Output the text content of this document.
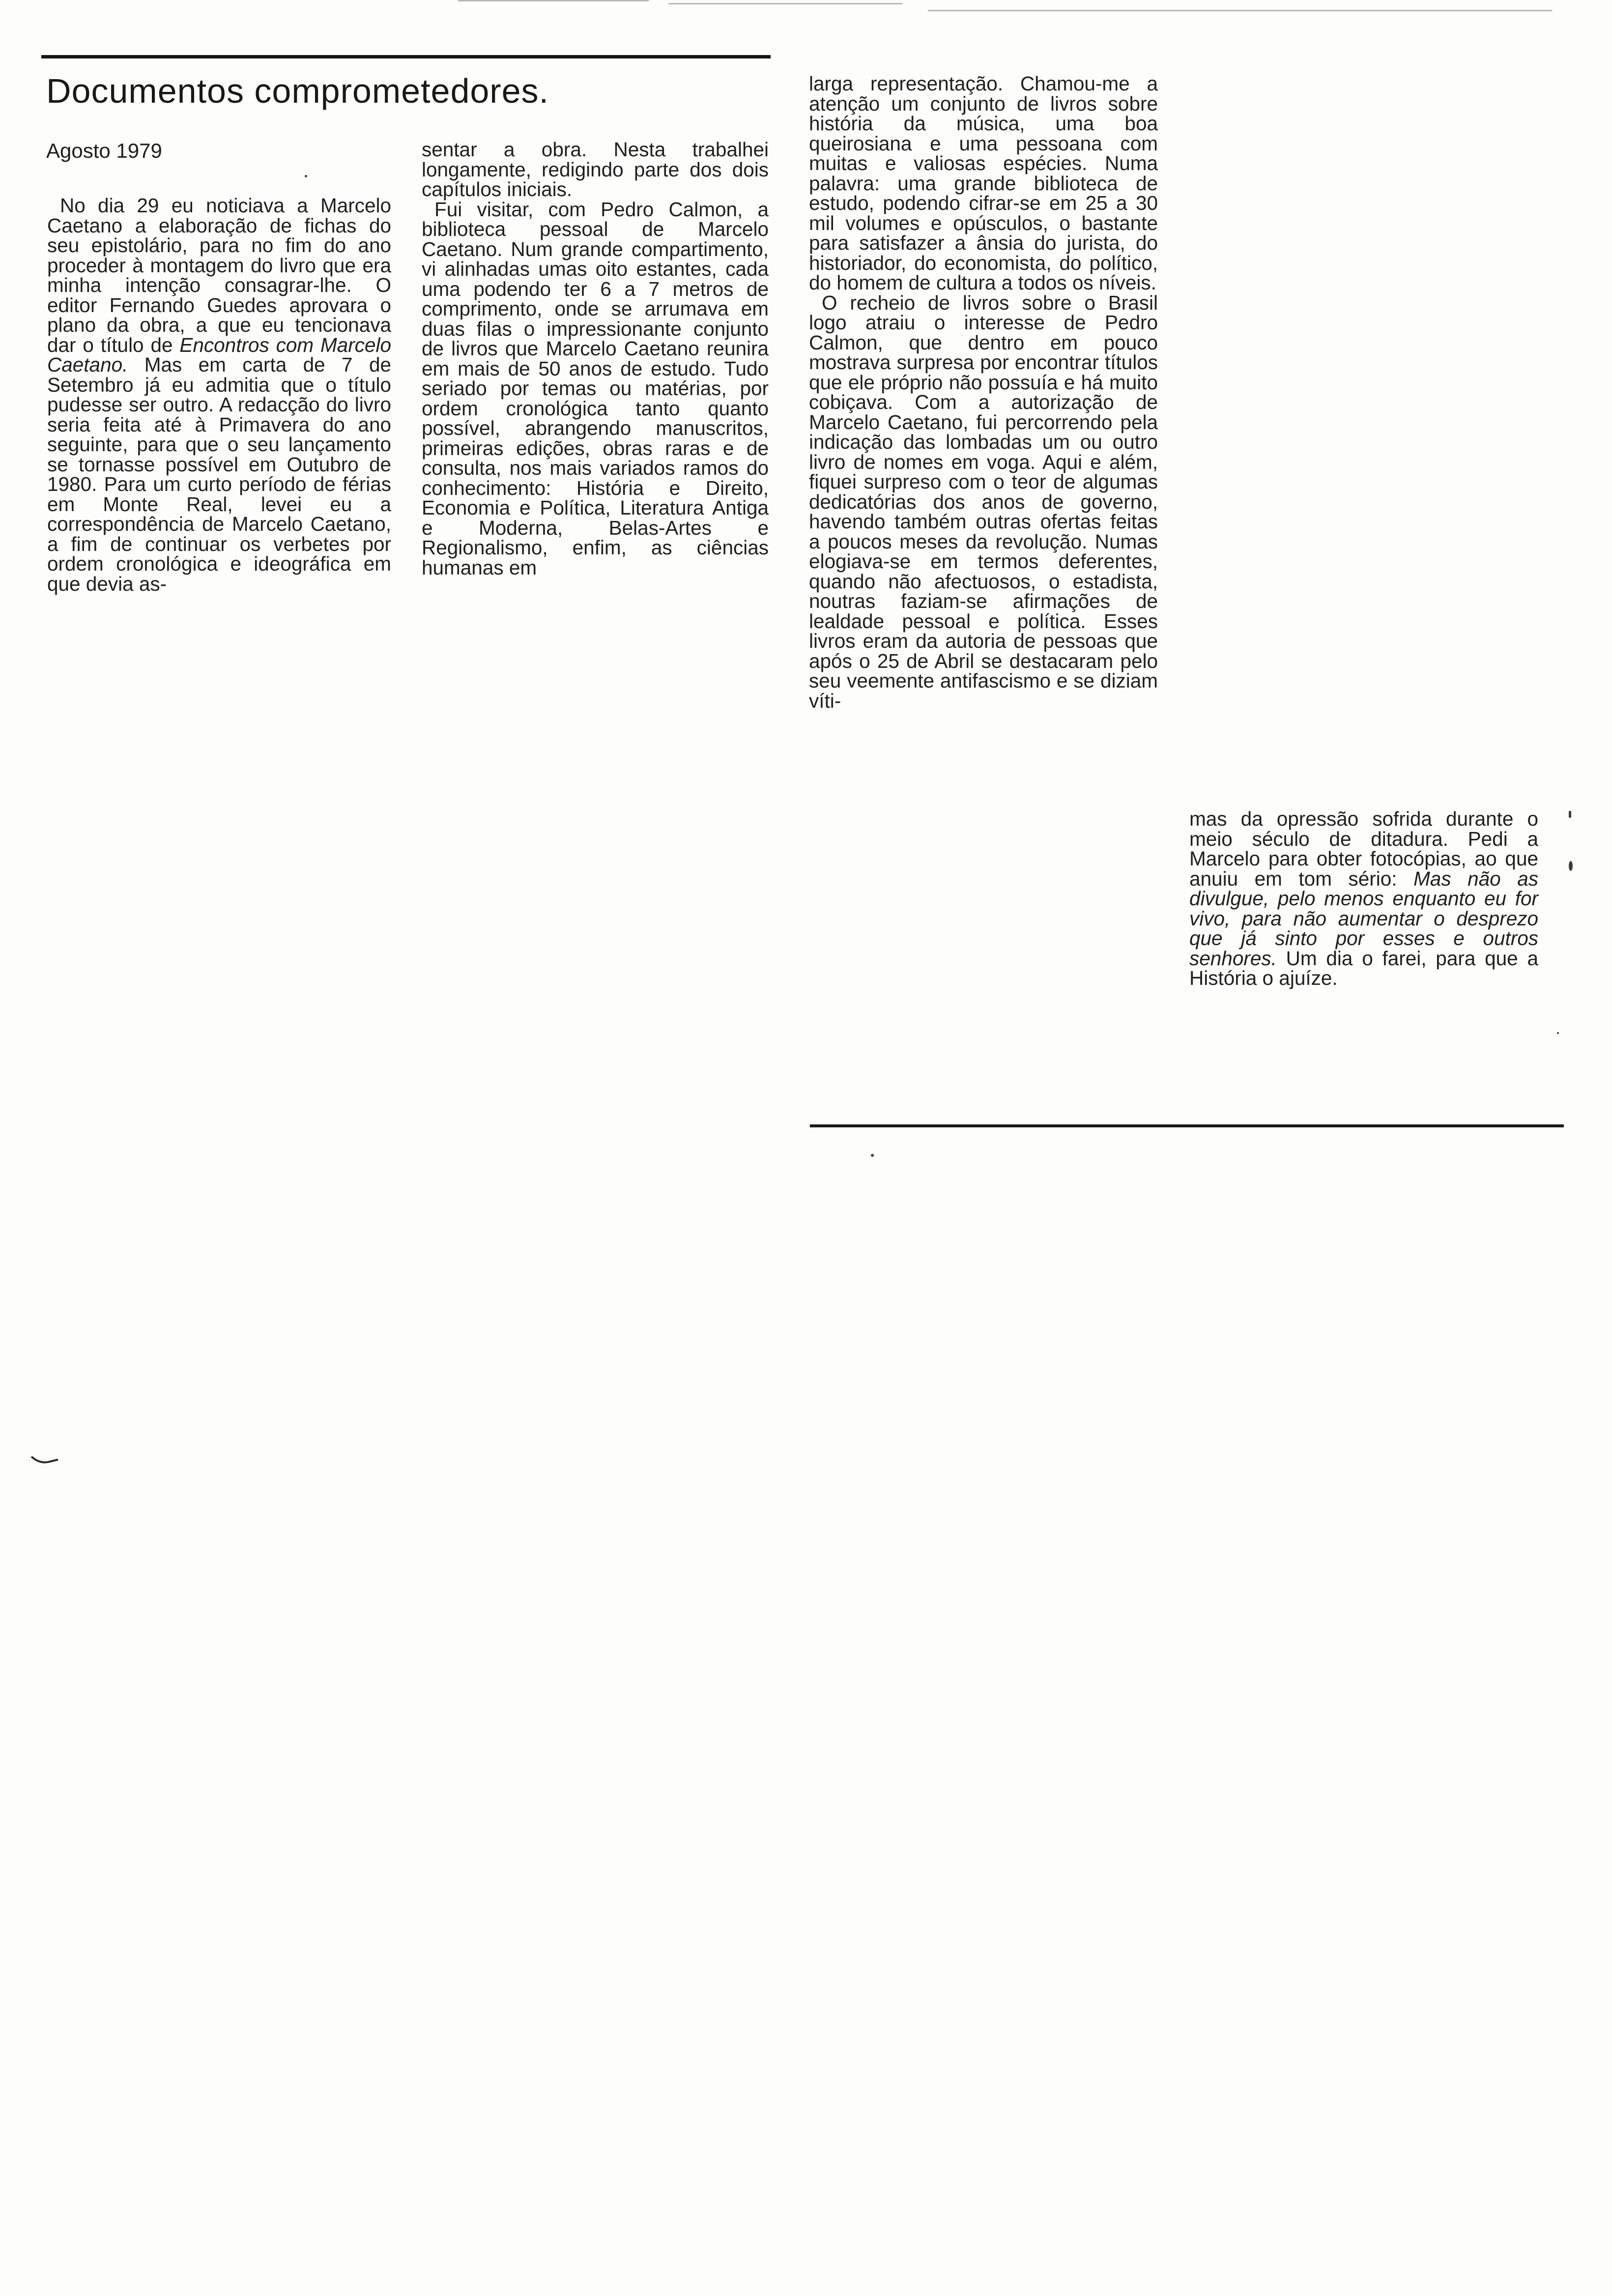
Documentos comprometedores.
Agosto 1979

No dia 29 eu noticiava a Marcelo Caetano a elaboração de fichas do seu epistolário, para no fim do ano proceder à montagem do livro que era minha intenção consagrar-lhe. O editor Fernando Guedes aprovara o plano da obra, a que eu tencionava dar o título de Encontros com Marcelo Caetano. Mas em carta de 7 de Setembro já eu admitia que o título pudesse ser outro. A redacção do livro seria feita até à Primavera do ano seguinte, para que o seu lançamento se tornasse possível em Outubro de 1980. Para um curto período de férias em Monte Real, levei eu a correspondência de Marcelo Caetano, a fim de continuar os verbetes por ordem cronológica e ideográfica em que devia as-

sentar a obra. Nesta trabalhei longamente, redigindo parte dos dois capítulos iniciais.

Fui visitar, com Pedro Calmon, a biblioteca pessoal de Marcelo Caetano. Num grande compartimento, vi alinhadas umas oito estantes, cada uma podendo ter 6 a 7 metros de comprimento, onde se arrumava em duas filas o impressionante conjunto de livros que Marcelo Caetano reunira em mais de 50 anos de estudo. Tudo seriado por temas ou matérias, por ordem cronológica tanto quanto possível, abrangendo manuscritos, primeiras edições, obras raras e de consulta, nos mais variados ramos do conhecimento: História e Direito, Economia e Política, Literatura Antiga e Moderna, Belas-Artes e Regionalismo, enfim, as ciências humanas em

larga representação. Chamou-me a atenção um conjunto de livros sobre história da música, uma boa queirosiana e uma pessoana com muitas e valiosas espécies. Numa palavra: uma grande biblioteca de estudo, podendo cifrar-se em 25 a 30 mil volumes e opúsculos, o bastante para satisfazer a ânsia do jurista, do historiador, do economista, do político, do homem de cultura a todos os níveis.

O recheio de livros sobre o Brasil logo atraiu o interesse de Pedro Calmon, que dentro em pouco mostrava surpresa por encontrar títulos que ele próprio não possuía e há muito cobiçava. Com a autorização de Marcelo Caetano, fui percorrendo pela indicação das lombadas um ou outro livro de nomes em voga. Aqui e além, fiquei surpreso com o teor de algumas dedicatórias dos anos de governo, havendo também outras ofertas feitas a poucos meses da revolução. Numas elogiava-se em termos deferentes, quando não afectuosos, o estadista, noutras faziam-se afirmações de lealdade pessoal e política. Esses livros eram da autoria de pessoas que após o 25 de Abril se destacaram pelo seu veemente antifascismo e se diziam víti-

mas da opressão sofrida durante o meio século de ditadura. Pedi a Marcelo para obter fotocópias, ao que anuiu em tom sério: Mas não as divulgue, pelo menos enquanto eu for vivo, para não aumentar o desprezo que já sinto por esses e outros senhores. Um dia o farei, para que a História o ajuíze.
